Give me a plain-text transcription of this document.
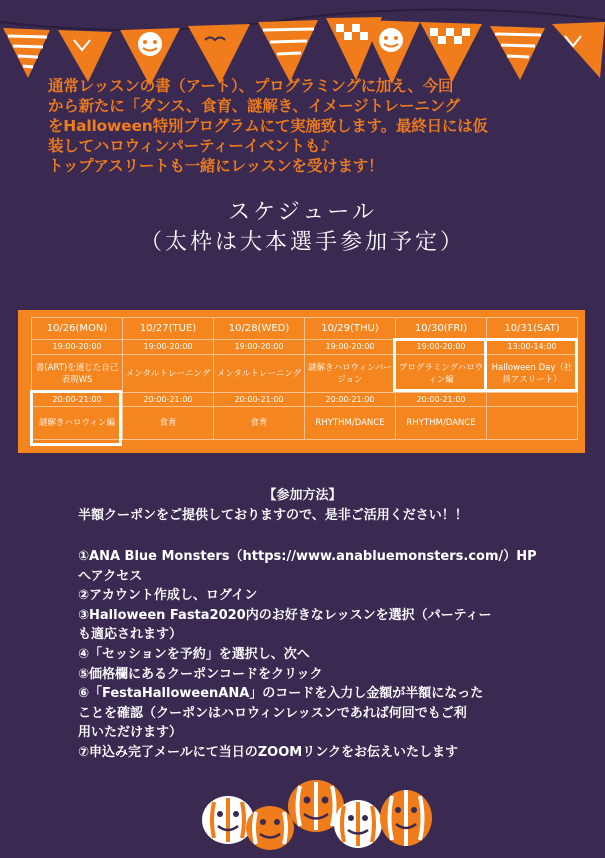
通常レッスンの書（アート）、プログラミングに加え、今回
から新たに「ダンス、食育、謎解き、イメージトレーニング
をHalloween特別プログラムにて実施致します。最終日には仮
装してハロウィンパーティーイベントも♪
トップアスリートも一緒にレッスンを受けます！
スケジュール
（太枠は大本選手参加予定）
10/26(MON)	10/27(TUE)	10/28(WED)	10/29(THU)	10/30(FRI)	10/31(SAT)
19:00-20:00	19:00-20:00	19:00-20:00	19:00-20:00	19:00-20:00	13:00-14:00
書(ART)を通じた自己表現WS	メンタルトレーニング	メンタルトレーニング	謎解きハロウィンバージョン	プログラミングハロウィン編	Halloween Day（社員アスリート）
20:00-21:00	20:00-21:00	20:00-21:00	20:00-21:00	20:00-21:00	
謎解きハロウィン編	食育	食育	RHYTHM/DANCE	RHYTHM/DANCE	
【参加方法】
半額クーポンをご提供しておりますので、是非ご活用ください！！
①ANA Blue Monsters（https://www.anabluemonsters.com/）HP
へアクセス
②アカウント作成し、ログイン
③Halloween Fasta2020内のお好きなレッスンを選択（パーティー
も適応されます）
④「セッションを予約」を選択し、次へ
⑤価格欄にあるクーポンコードをクリック
⑥「FestaHalloweenANA」のコードを入力し金額が半額になった
ことを確認（クーポンはハロウィンレッスンであれば何回でもご利
用いただけます）
⑦申込み完了メールにて当日のZOOMリンクをお伝えいたします
